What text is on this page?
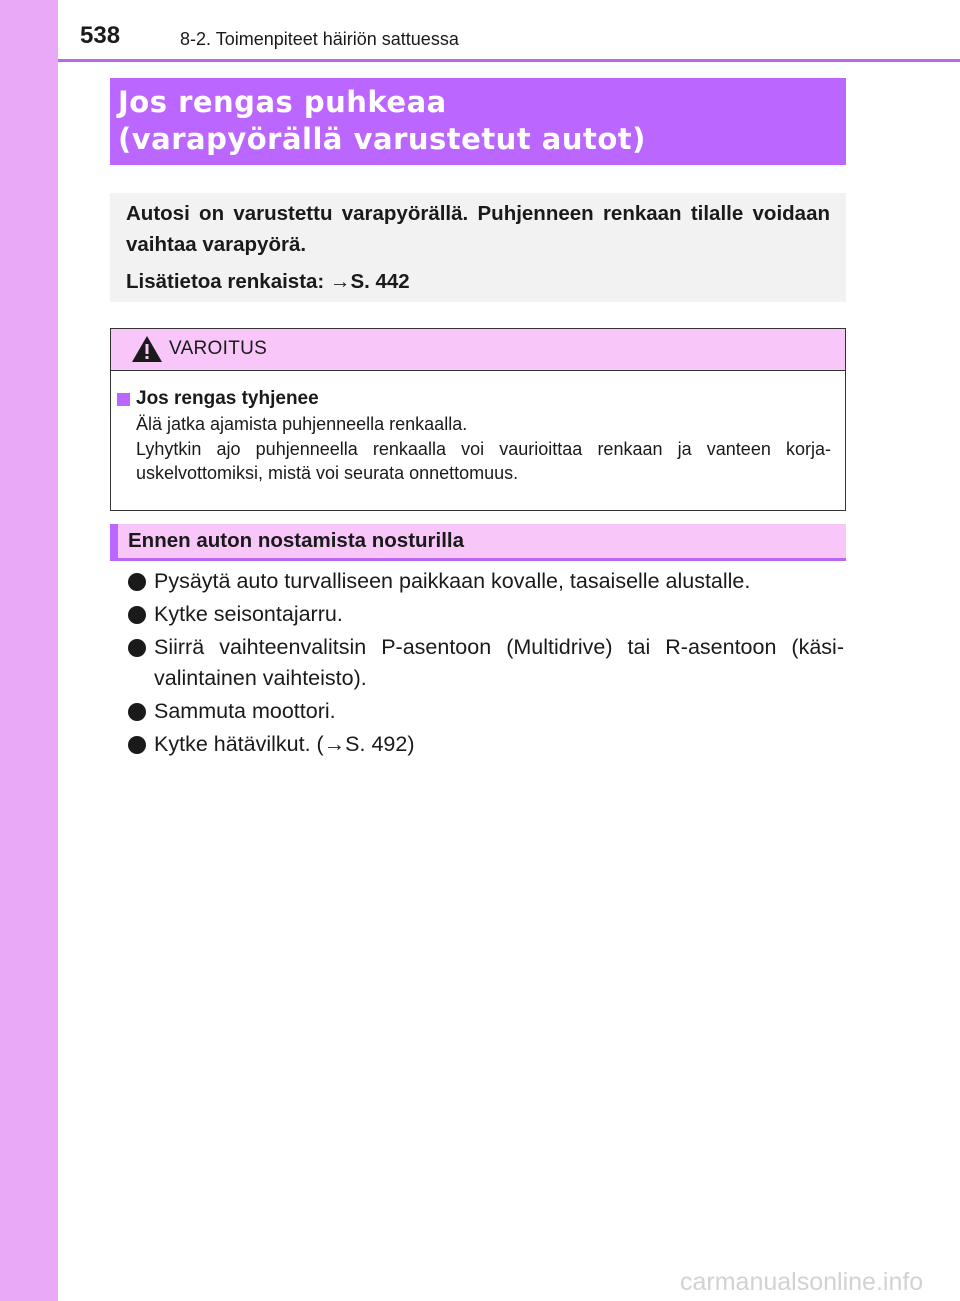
538	8-2. Toimenpiteet häiriön sattuessa
Jos rengas puhkeaa
(varapyörällä varustetut autot)

Autosi on varustettu varapyörällä. Puhjenneen renkaan tilalle voidaan vaihtaa varapyörä.

Lisätietoa renkaista: →S. 442

VAROITUS
Jos rengas tyhjenee

Älä jatka ajamista puhjenneella renkaalla.

Lyhytkin ajo puhjenneella renkaalla voi vaurioittaa renkaan ja vanteen korja-uskelvottomiksi, mistä voi seurata onnettomuus.

Ennen auton nostamista nosturilla
Pysäytä auto turvalliseen paikkaan kovalle, tasaiselle alustalle.
Kytke seisontajarru.
Siirrä vaihteenvalitsin P-asentoon (Multidrive) tai R-asentoon (käsi-valintainen vaihteisto).
Sammuta moottori.
Kytke hätävilkut. (→S. 492)
carmanualsonline.info
